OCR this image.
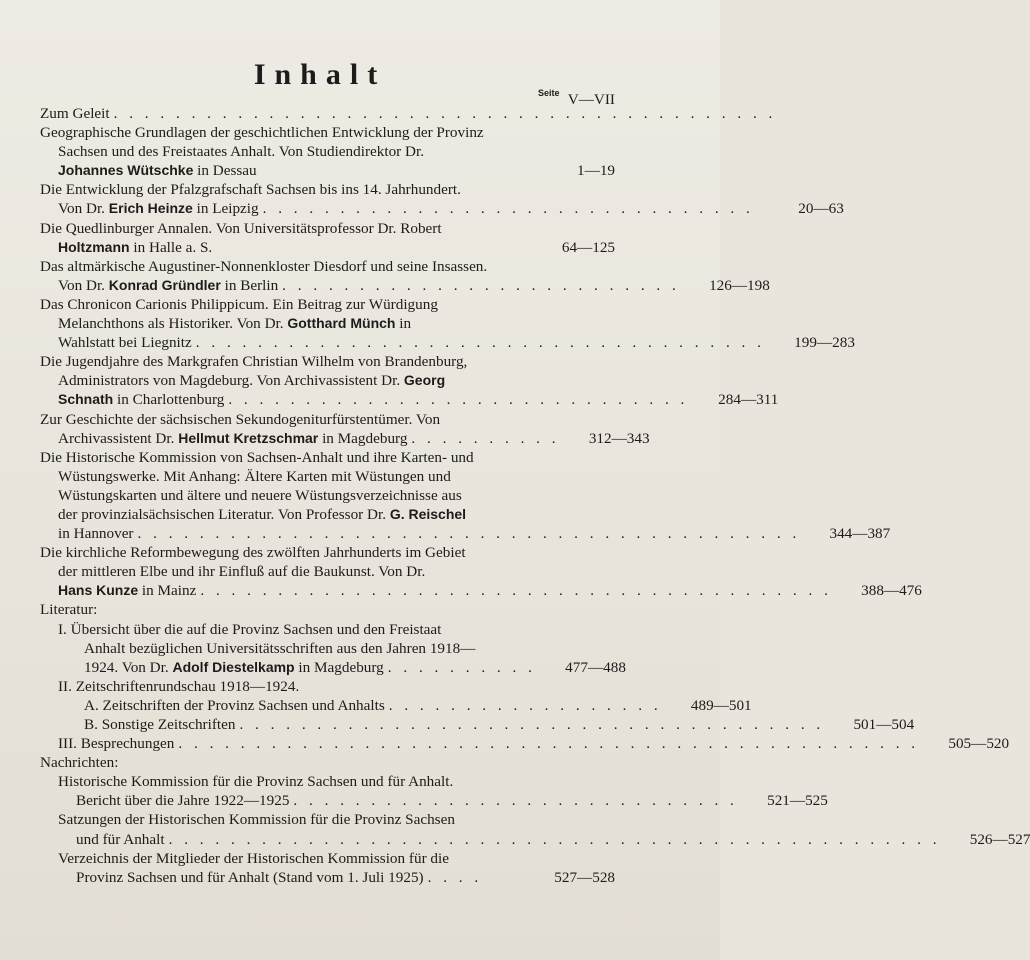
Inhalt
Seite
Zum Geleit . . . . . . . . . . . . . . . . . . . . . . . . . . . . . . . . . . . . . . . . . . .
V—VII
Geographische Grundlagen der geschichtlichen Entwicklung der Provinz
Sachsen und des Freistaates Anhalt. Von Studiendirektor Dr.
Johannes Wütschke in Dessau	1—19
Die Entwicklung der Pfalzgrafschaft Sachsen bis ins 14. Jahrhundert.
Von Dr. Erich Heinze in Leipzig . . . . . . . . . . . . . . . . . . . . . . . . . . . . . . . .	20—63
Die Quedlinburger Annalen. Von Universitätsprofessor Dr. Robert
Holtzmann in Halle a. S.	64—125
Das altmärkische Augustiner-Nonnenkloster Diesdorf und seine Insassen.
Von Dr. Konrad Gründler in Berlin . . . . . . . . . . . . . . . . . . . . . . . . . .	126—198
Das Chronicon Carionis Philippicum. Ein Beitrag zur Würdigung
Melanchthons als Historiker. Von Dr. Gotthard Münch in
Wahlstatt bei Liegnitz . . . . . . . . . . . . . . . . . . . . . . . . . . . . . . . . . . . . .	199—283
Die Jugendjahre des Markgrafen Christian Wilhelm von Brandenburg,
Administrators von Magdeburg. Von Archivassistent Dr. Georg
Schnath in Charlottenburg . . . . . . . . . . . . . . . . . . . . . . . . . . . . . .	284—311
Zur Geschichte der sächsischen Sekundogeniturfürstentümer. Von
Archivassistent Dr. Hellmut Kretzschmar in Magdeburg . . . . . . . . . .	312—343
Die Historische Kommission von Sachsen-Anhalt und ihre Karten- und
Wüstungswerke. Mit Anhang: Ältere Karten mit Wüstungen und
Wüstungskarten und ältere und neuere Wüstungsverzeichnisse aus
der provinzialsächsischen Literatur. Von Professor Dr. G. Reischel
in Hannover . . . . . . . . . . . . . . . . . . . . . . . . . . . . . . . . . . . . . . . . . . .	344—387
Die kirchliche Reformbewegung des zwölften Jahrhunderts im Gebiet
der mittleren Elbe und ihr Einfluß auf die Baukunst. Von Dr.
Hans Kunze in Mainz . . . . . . . . . . . . . . . . . . . . . . . . . . . . . . . . . . . . . . . . .	388—476
Literatur:
I. Übersicht über die auf die Provinz Sachsen und den Freistaat
Anhalt bezüglichen Universitätsschriften aus den Jahren 1918—
1924. Von Dr. Adolf Diestelkamp in Magdeburg . . . . . . . . . .	477—488
II. Zeitschriftenrundschau 1918—1924.
A. Zeitschriften der Provinz Sachsen und Anhalts . . . . . . . . . . . . . . . . . .	489—501
B. Sonstige Zeitschriften . . . . . . . . . . . . . . . . . . . . . . . . . . . . . . . . . . . . . .	501—504
III. Besprechungen . . . . . . . . . . . . . . . . . . . . . . . . . . . . . . . . . . . . . . . . . . . . . . . .	505—520
Nachrichten:
Historische Kommission für die Provinz Sachsen und für Anhalt.
Bericht über die Jahre 1922—1925 . . . . . . . . . . . . . . . . . . . . . . . . . . . . .	521—525
Satzungen der Historischen Kommission für die Provinz Sachsen
und für Anhalt . . . . . . . . . . . . . . . . . . . . . . . . . . . . . . . . . . . . . . . . . . . . . . . . . .	526—527
Verzeichnis der Mitglieder der Historischen Kommission für die
Provinz Sachsen und für Anhalt (Stand vom 1. Juli 1925) . . . .	527—528
